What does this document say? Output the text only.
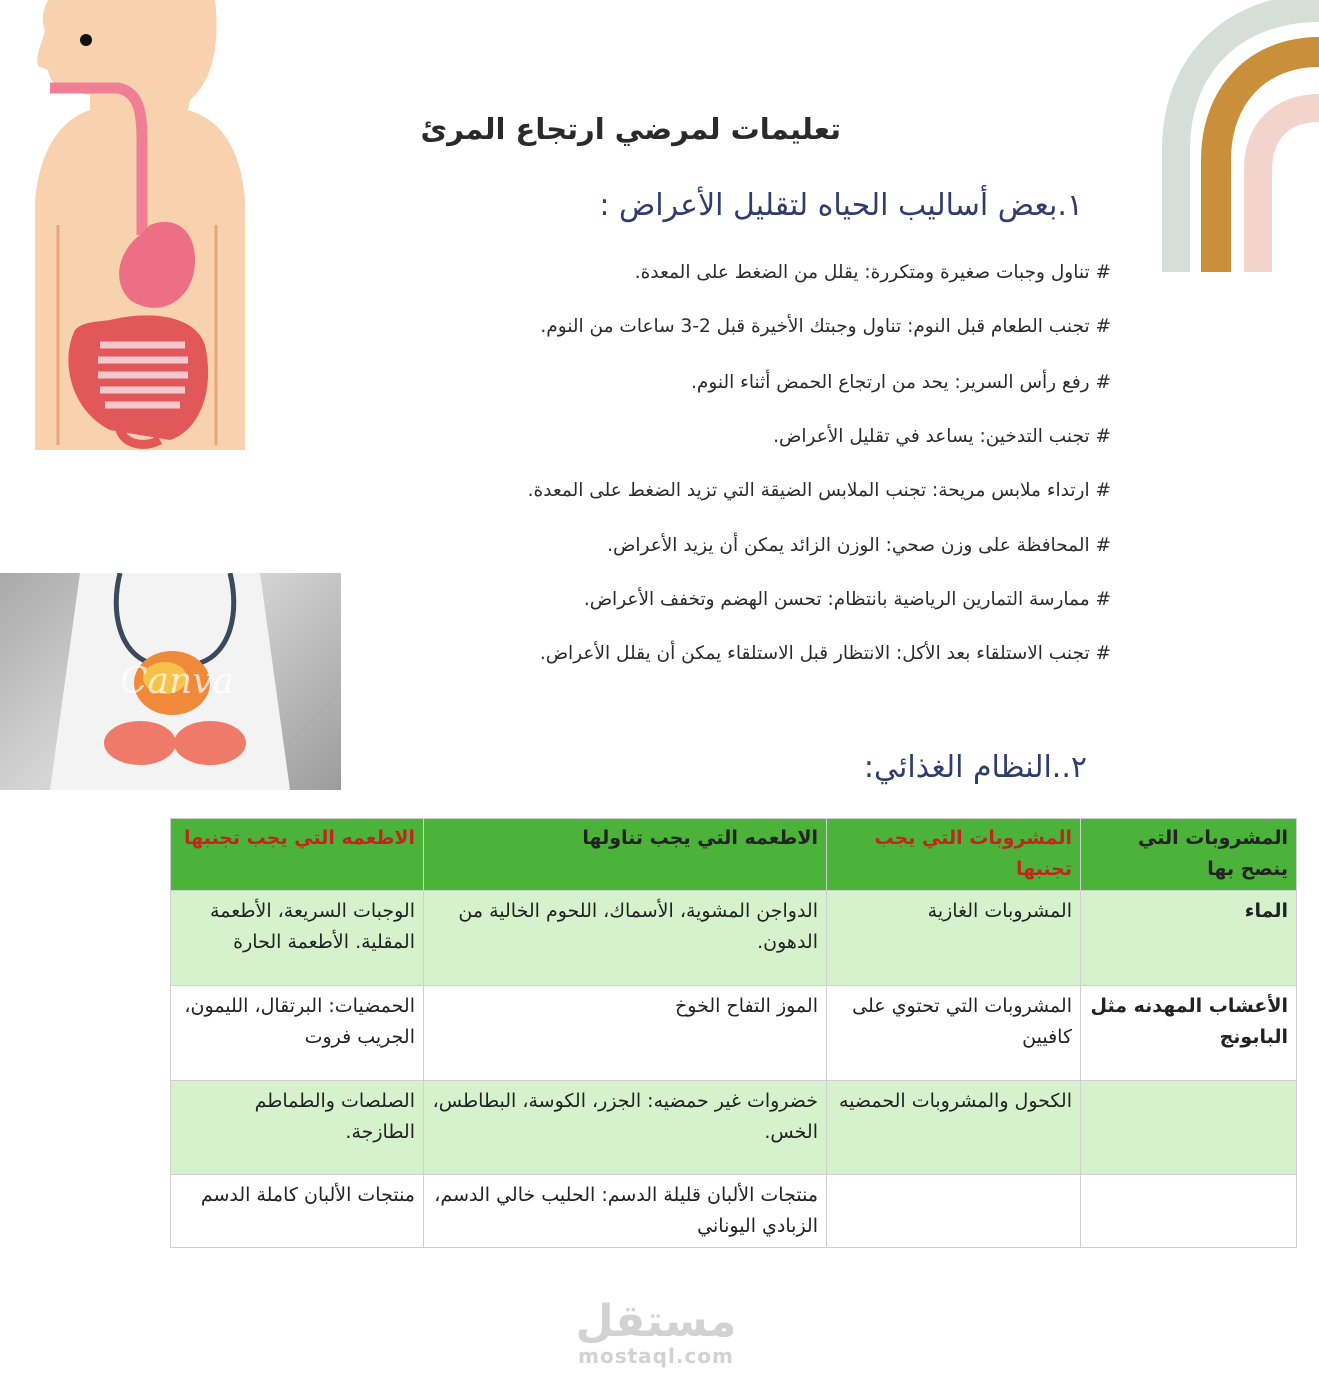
Canva
تعليمات لمرضي ارتجاع المرئ
١.بعض أساليب الحياه لتقليل الأعراض :
# تناول وجبات صغيرة ومتكررة: يقلل من الضغط على المعدة.
# تجنب الطعام قبل النوم: تناول وجبتك الأخيرة قبل 2-3 ساعات من النوم.
# رفع رأس السرير: يحد من ارتجاع الحمض أثناء النوم.
# تجنب التدخين: يساعد في تقليل الأعراض.
# ارتداء ملابس مريحة: تجنب الملابس الضيقة التي تزيد الضغط على المعدة.
# المحافظة على وزن صحي: الوزن الزائد يمكن أن يزيد الأعراض.
# ممارسة التمارين الرياضية بانتظام: تحسن الهضم وتخفف الأعراض.
# تجنب الاستلقاء بعد الأكل: الانتظار قبل الاستلقاء يمكن أن يقلل الأعراض.
٢..النظام الغذائي:
المشروبات التي ينصح بها	المشروبات التي يجب تجنبها	الاطعمه التي يجب تناولها	الاطعمه التي يجب تجنبها
الماء	المشروبات الغازية	الدواجن المشوية، الأسماك، اللحوم الخالية من الدهون.	الوجبات السريعة، الأطعمة المقلية. الأطعمة الحارة
الأعشاب المهدنه مثل البابونج	المشروبات التي تحتوي على كافيين	الموز التفاح الخوخ	الحمضيات: البرتقال، الليمون، الجريب فروت
	الكحول والمشروبات الحمضيه	خضروات غير حمضيه: الجزر، الكوسة، البطاطس، الخس.	الصلصات والطماطم الطازجة.
		منتجات الألبان قليلة الدسم: الحليب خالي الدسم، الزبادي اليوناني	منتجات الألبان كاملة الدسم
مستقل
mostaql.com
